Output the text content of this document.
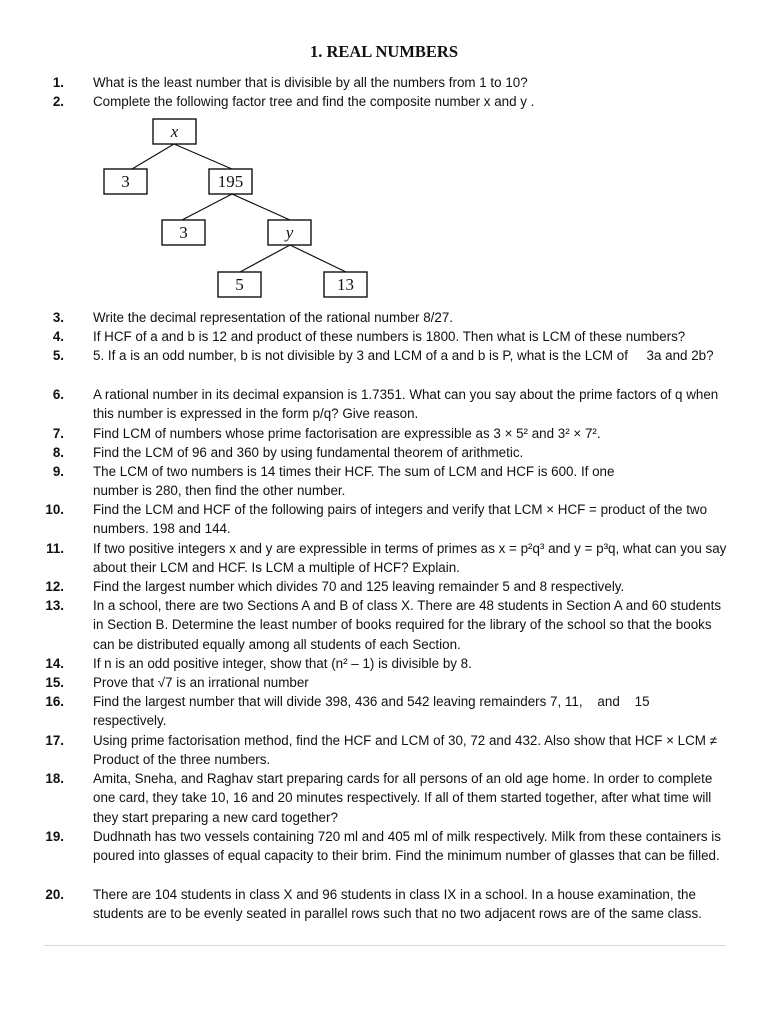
1. REAL NUMBERS
1. What is the least number that is divisible by all the numbers from 1 to 10?
2. Complete the following factor tree and find the composite number x and y .
x
3	195
3	y
5	13
3. Write the decimal representation of the rational number 8/27.
4. If HCF of a and b is 12 and product of these numbers is 1800. Then what is LCM of these numbers?
5. 5. If a is an odd number, b is not divisible by 3 and LCM of a and b is P, what is the LCM of     3a and 2b?
6. A rational number in its decimal expansion is 1.7351. What can you say about the prime factors of q when this number is expressed in the form p/q? Give reason.
7. Find LCM of numbers whose prime factorisation are expressible as 3 × 5² and 3² × 7².
8. Find the LCM of 96 and 360 by using fundamental theorem of arithmetic.
9. The LCM of two numbers is 14 times their HCF. The sum of LCM and HCF is 600. If one number is 280, then find the other number.
10. Find the LCM and HCF of the following pairs of integers and verify that LCM × HCF = product of the two numbers. 198 and 144.
11. If two positive integers x and y are expressible in terms of primes as x = p²q³ and y = p³q, what can you say about their LCM and HCF. Is LCM a multiple of HCF? Explain.
12. Find the largest number which divides 70 and 125 leaving remainder 5 and 8 respectively.
13. In a school, there are two Sections A and B of class X. There are 48 students in Section A and 60 students in Section B. Determine the least number of books required for the library of the school so that the books can be distributed equally among all students of each Section.
14. If n is an odd positive integer, show that (n² – 1) is divisible by 8.
15. Prove that √7 is an irrational number
16. Find the largest number that will divide 398, 436 and 542 leaving remainders 7, 11,    and    15 respectively.
17. Using prime factorisation method, find the HCF and LCM of 30, 72 and 432. Also show that HCF × LCM ≠ Product of the three numbers.
18. Amita, Sneha, and Raghav start preparing cards for all persons of an old age home. In order to complete one card, they take 10, 16 and 20 minutes respectively. If all of them started together, after what time will they start preparing a new card together?
19. Dudhnath has two vessels containing 720 ml and 405 ml of milk respectively. Milk from these containers is poured into glasses of equal capacity to their brim. Find the minimum number of glasses that can be filled.
20. There are 104 students in class X and 96 students in class IX in a school. In a house examination, the students are to be evenly seated in parallel rows such that no two adjacent rows are of the same class.
